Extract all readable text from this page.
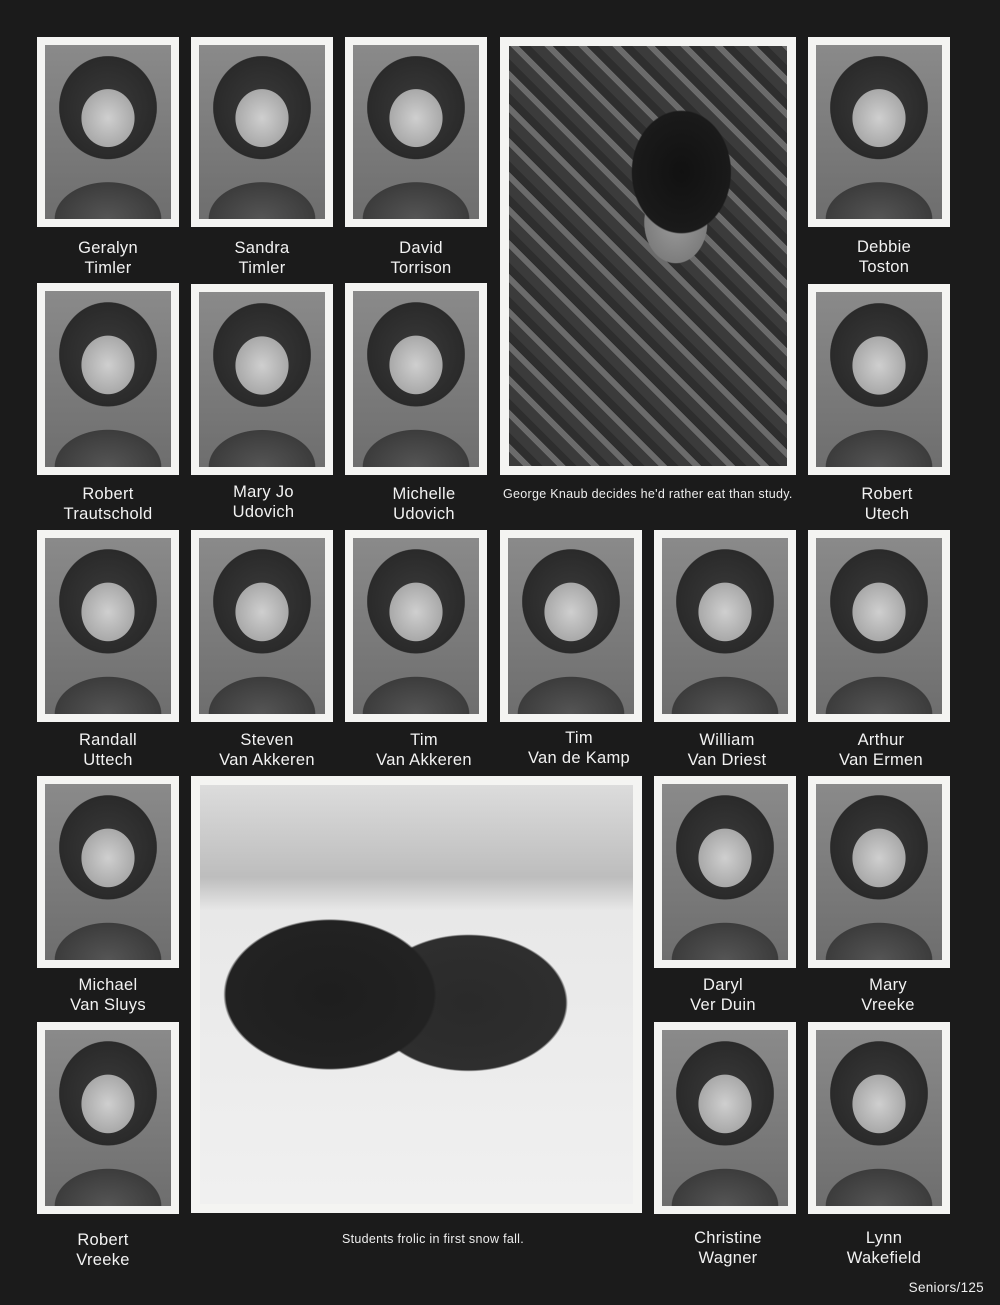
Geralyn
Timler
Sandra
Timler
David
Torrison
George Knaub decides he'd rather eat than study.
Debbie
Toston
Robert
Trautschold
Mary Jo
Udovich
Michelle
Udovich
Robert
Utech
Randall
Uttech
Steven
Van Akkeren
Tim
Van Akkeren
Tim
Van de Kamp
William
Van Driest
Arthur
Van Ermen
Michael
Van Sluys
Students frolic in first snow fall.
Daryl
Ver Duin
Mary
Vreeke
Robert
Vreeke
Christine
Wagner
Lynn
Wakefield
Seniors/125
